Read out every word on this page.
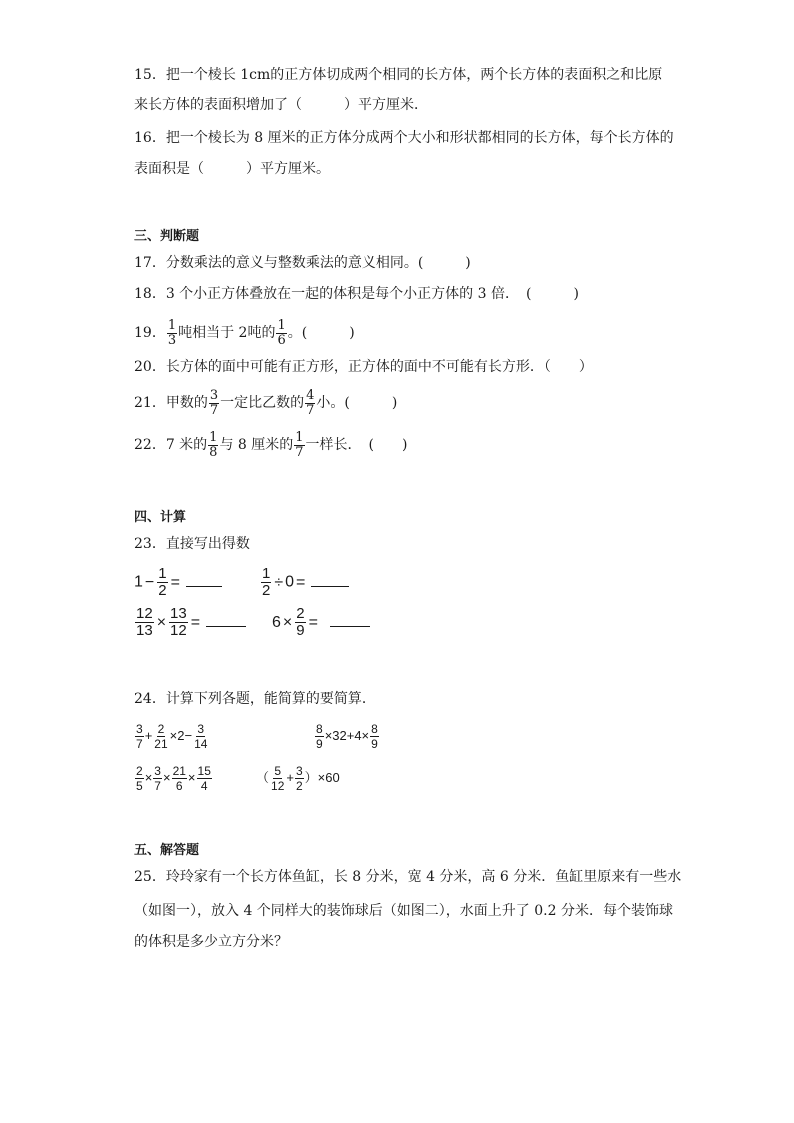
15．把一个棱长 1cm的正方体切成两个相同的长方体，两个长方体的表面积之和比原
来长方体的表面积增加了（　　　）平方厘米．
16．把一个棱长为 8 厘米的正方体分成两个大小和形状都相同的长方体，每个长方体的
表面积是（　　　）平方厘米。
三、判断题
17．分数乘法的意义与整数乘法的意义相同。(　　　)
18．3 个小正方体叠放在一起的体积是每个小正方体的 3 倍．　(　　　)
19． $\frac{1}{3}$ 吨相当于 2吨的 $\frac{1}{6}$ 。(　　　)
20．长方体的面中可能有正方形，正方体的面中不可能有长方形．（　　）
21．甲数的 $\frac{3}{7}$ 一定比乙数的 $\frac{4}{7}$ 小。(　　　)
22．7 米的 $\frac{1}{8}$ 与 8 厘米的 $\frac{1}{7}$ 一样长．　(　　)
四、计算
23．直接写出得数
$1 - \frac{1}{2}$ =	$\frac{1}{2} \div 0$ =
$\frac{12}{13} \times \frac{13}{12}$ =	$6 \times \frac{2}{9}$ =
24．计算下列各题，能简算的要简算．
$\frac{3}{7} + \frac{2}{21} \times 2- \frac{3}{14}$	$\frac{8}{9} \times 32+4\times \frac{8}{9}$
$\frac{2}{5} \times \frac{3}{7} \times \frac{21}{6} \times \frac{15}{4}$	（ $\frac{5}{12} + \frac{3}{2} )\times 60$
五、解答题
25．玲玲家有一个长方体鱼缸，长 8 分米，宽 4 分米，高 6 分米．鱼缸里原来有一些水
（如图一），放入 4 个同样大的装饰球后（如图二），水面上升了 0.2 分米．每个装饰球
的体积是多少立方分米？
